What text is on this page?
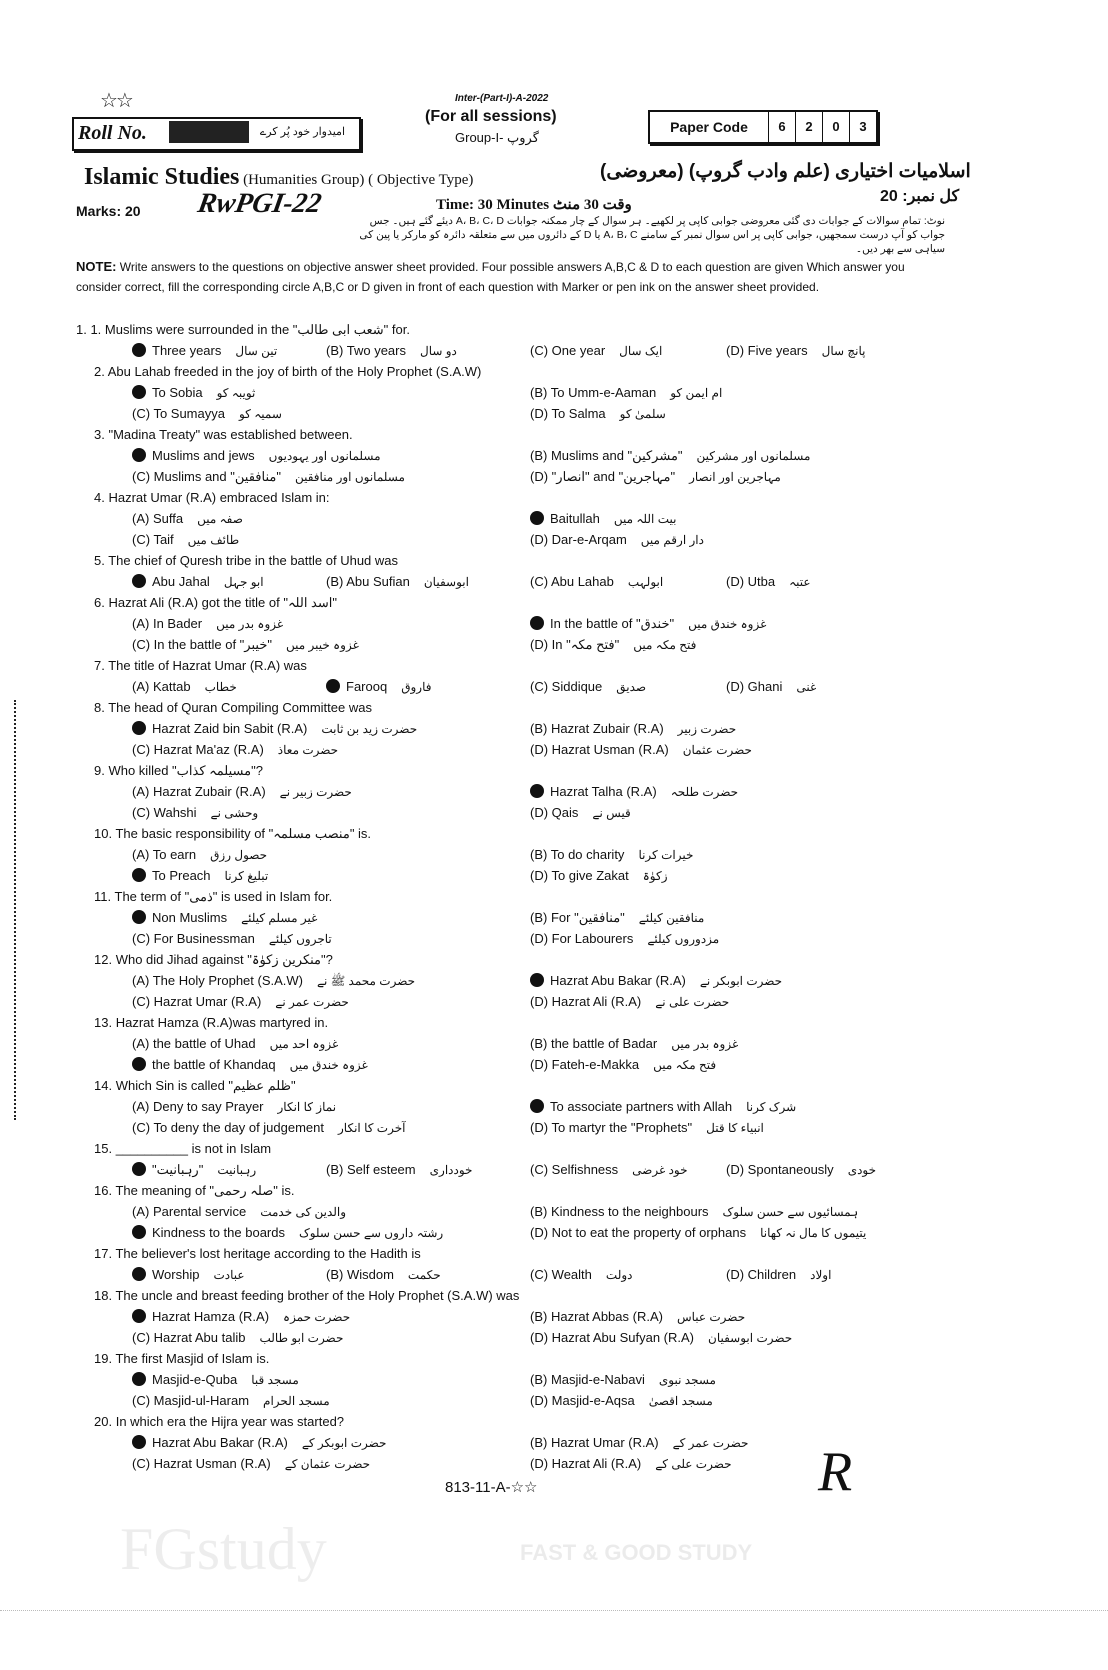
☆☆
Roll No.	امیدوار خود پُر کرے
Inter-(Part-I)-A-2022
(For all sessions)
Group-I- گروپ
Paper Code	6	2	0	3
Islamic Studies (Humanities Group) ( Objective Type)	اسلامیات اختیاری (علم وادب گروپ) (معروضی)
کل نمبر: 20
Marks: 20 RwPGI-22	Time: 30 Minutes وقت 30 منٹ
نوٹ: تمام سوالات کے جوابات دی گئی معروضی جوابی کاپی پر لکھیے۔ ہر سوال کے چار ممکنہ جوابات A، B، C، D دیئے گئے ہیں۔ جس جواب کو آپ درست سمجھیں، جوابی کاپی پر اس سوال نمبر کے سامنے A، B، C یا D کے دائروں میں سے متعلقہ دائرہ کو مارکر یا پین کی سیاہی سے بھر دیں۔
NOTE: Write answers to the questions on objective answer sheet provided. Four possible answers A,B,C & D to each question are given Which answer you consider correct, fill the corresponding circle A,B,C or D given in front of each question with Marker or pen ink on the answer sheet provided.
1. 1. Muslims were surrounded in the "شعب ابی طالب" for.
Three years تین سال	(B) Two years دو سال	(C) One year ایک سال	(D) Five years پانچ سال
2. Abu Lahab freeded in the joy of birth of the Holy Prophet (S.A.W)
To Sobia ثویبہ کو	(B) To Umm-e-Aaman ام ایمن کو
(C) To Sumayya سمیہ کو	(D) To Salma سلمیٰ کو
3. "Madina Treaty" was established between.
Muslims and jews مسلمانوں اور یہودیوں	(B) Muslims and "مشرکین" مسلمانوں اور مشرکین
(C) Muslims and "منافقین" مسلمانوں اور منافقین	(D) "انصار" and "مہاجرین" مہاجرین اور انصار
4. Hazrat Umar (R.A) embraced Islam in:
(A) Suffa صفہ میں	Baitullah بیت اللہ میں
(C) Taif طائف میں	(D) Dar-e-Arqam دار ارقم میں
5. The chief of Quresh tribe in the battle of Uhud was
Abu Jahal ابو جہل	(B) Abu Sufian ابوسفیان	(C) Abu Lahab ابولہب	(D) Utba عتبہ
6. Hazrat Ali (R.A) got the title of "اسد اللہ"
(A) In Bader غزوہ بدر میں	In the battle of "خندق" غزوہ خندق میں
(C) In the battle of "خیبر" غزوہ خیبر میں	(D) In "فتح مکہ" فتح مکہ میں
7. The title of Hazrat Umar (R.A) was
(A) Kattab خطاب	Farooq فاروق	(C) Siddique صدیق	(D) Ghani غنی
8. The head of Quran Compiling Committee was
Hazrat Zaid bin Sabit (R.A) حضرت زید بن ثابت	(B) Hazrat Zubair (R.A) حضرت زبیر
(C) Hazrat Ma'az (R.A) حضرت معاذ	(D) Hazrat Usman (R.A) حضرت عثمان
9. Who killed "مسیلمہ کذاب"?
(A) Hazrat Zubair (R.A) حضرت زبیر نے	Hazrat Talha (R.A) حضرت طلحہ
(C) Wahshi وحشی نے	(D) Qais قیس نے
10. The basic responsibility of "منصب مسلمہ" is.
(A) To earn حصول رزق	(B) To do charity خیرات کرنا
To Preach تبلیغ کرنا	(D) To give Zakat زکوٰۃ
11. The term of "ذمی" is used in Islam for.
Non Muslims غیر مسلم کیلئے	(B) For "منافقین" منافقین کیلئے
(C) For Businessman تاجروں کیلئے	(D) For Labourers مزدوروں کیلئے
12. Who did Jihad against "منکرین زکوٰۃ"?
(A) The Holy Prophet (S.A.W) حضرت محمد ﷺ نے	Hazrat Abu Bakar (R.A) حضرت ابوبکر نے
(C) Hazrat Umar (R.A) حضرت عمر نے	(D) Hazrat Ali (R.A) حضرت علی نے
13. Hazrat Hamza (R.A)was martyred in.
(A) the battle of Uhad غزوہ احد میں	(B) the battle of Badar غزوہ بدر میں
the battle of Khandaq غزوہ خندق میں	(D) Fateh-e-Makka فتح مکہ میں
14. Which Sin is called "ظلم عظیم"
(A) Deny to say Prayer نماز کا انکار	To associate partners with Allah شرک کرنا
(C) To deny the day of judgement آخرت کا انکار	(D) To martyr the "Prophets" انبیاء کا قتل
15. __________ is not in Islam
"رہبانیت" رہبانیت	(B) Self esteem خودداری	(C) Selfishness خود غرضی	(D) Spontaneously خودی
16. The meaning of "صلہ رحمی" is.
(A) Parental service والدین کی خدمت	(B) Kindness to the neighbours ہمسائیوں سے حسن سلوک
Kindness to the boards رشتہ داروں سے حسن سلوک	(D) Not to eat the property of orphans یتیموں کا مال نہ کھانا
17. The believer's lost heritage according to the Hadith is
Worship عبادت	(B) Wisdom حکمت	(C) Wealth دولت	(D) Children اولاد
18. The uncle and breast feeding brother of the Holy Prophet (S.A.W) was
Hazrat Hamza (R.A) حضرت حمزہ	(B) Hazrat Abbas (R.A) حضرت عباس
(C) Hazrat Abu talib حضرت ابو طالب	(D) Hazrat Abu Sufyan (R.A) حضرت ابوسفیان
19. The first Masjid of Islam is.
Masjid-e-Quba مسجد قبا	(B) Masjid-e-Nabavi مسجد نبوی
(C) Masjid-ul-Haram مسجد الحرام	(D) Masjid-e-Aqsa مسجد اقصیٰ
20. In which era the Hijra year was started?
Hazrat Abu Bakar (R.A) حضرت ابوبکر کے	(B) Hazrat Umar (R.A) حضرت عمر کے
(C) Hazrat Usman (R.A) حضرت عثمان کے	(D) Hazrat Ali (R.A) حضرت علی کے
813-11-A-☆☆	R
FGstudy	FAST & GOOD STUDY
